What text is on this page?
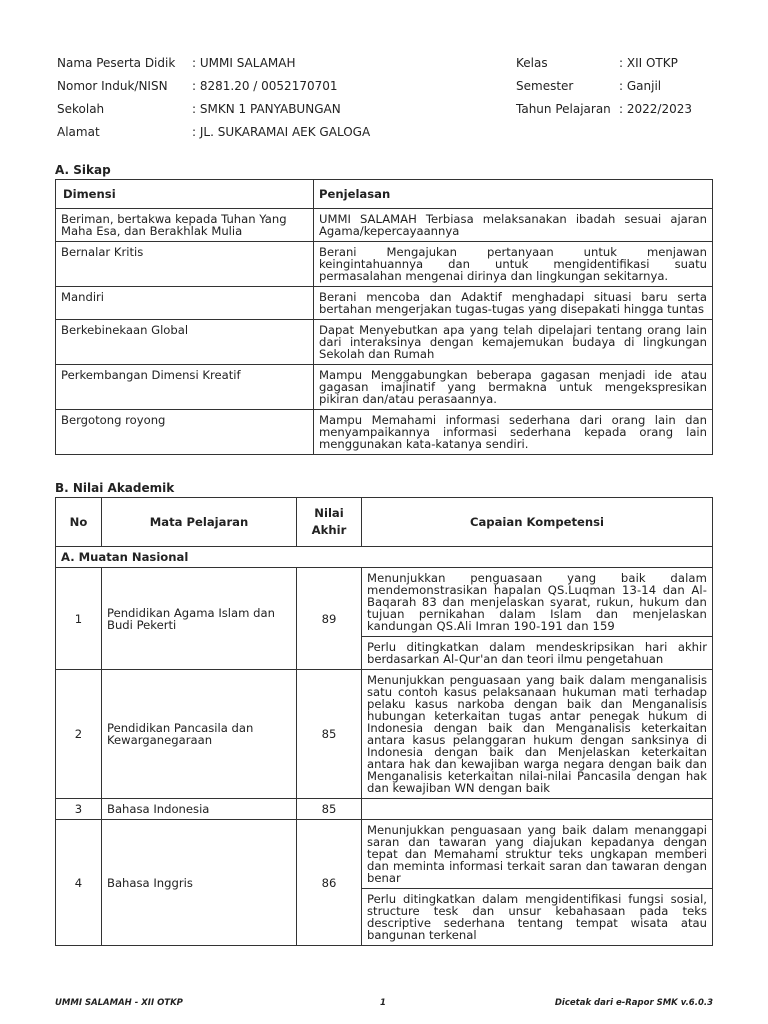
Nama Peserta Didik : UMMI SALAMAH	Kelas	: XII OTKP
Nomor Induk/NISN : 8281.20 / 0052170701	Semester	: Ganjil
Sekolah	: SMKN 1 PANYABUNGAN	Tahun Pelajaran : 2022/2023
Alamat	: JL. SUKARAMAI AEK GALOGA
A. Sikap
Dimensi	Penjelasan
Beriman, bertakwa kepada Tuhan Yang Maha Esa, dan Berakhlak Mulia	UMMI SALAMAH Terbiasa melaksanakan ibadah sesuai ajaran Agama/kepercayaannya
Bernalar Kritis	Berani Mengajukan pertanyaan untuk menjawan keingintahuannya dan untuk mengidentifikasi suatu permasalahan mengenai dirinya dan lingkungan sekitarnya.
Mandiri	Berani mencoba dan Adaktif menghadapi situasi baru serta bertahan mengerjakan tugas-tugas yang disepakati hingga tuntas
Berkebinekaan Global	Dapat Menyebutkan apa yang telah dipelajari tentang orang lain dari interaksinya dengan kemajemukan budaya di lingkungan Sekolah dan Rumah
Perkembangan Dimensi Kreatif	Mampu Menggabungkan beberapa gagasan menjadi ide atau gagasan imajinatif yang bermakna untuk mengekspresikan pikiran dan/atau perasaannya.
Bergotong royong	Mampu Memahami informasi sederhana dari orang lain dan menyampaikannya informasi sederhana kepada orang lain menggunakan kata-katanya sendiri.
B. Nilai Akademik
No	Mata Pelajaran	Nilai Akhir	Capaian Kompetensi
A. Muatan Nasional			
1	Pendidikan Agama Islam dan Budi Pekerti	89	Menunjukkan penguasaan yang baik dalam mendemonstrasikan hapalan QS.Luqman 13-14 dan Al-Baqarah 83 dan menjelaskan syarat, rukun, hukum dan tujuan pernikahan dalam Islam dan menjelaskan kandungan QS.Ali Imran 190-191 dan 159
			Perlu ditingkatkan dalam mendeskripsikan hari akhir berdasarkan Al-Qur'an dan teori ilmu pengetahuan
2	Pendidikan Pancasila dan Kewarganegaraan	85	Menunjukkan penguasaan yang baik dalam menganalisis satu contoh kasus pelaksanaan hukuman mati terhadap pelaku kasus narkoba dengan baik dan Menganalisis hubungan keterkaitan tugas antar penegak hukum di Indonesia dengan baik dan Menganalisis keterkaitan antara kasus pelanggaran hukum dengan sanksinya di Indonesia dengan baik dan Menjelaskan keterkaitan antara hak dan kewajiban warga negara dengan baik dan Menganalisis keterkaitan nilai-nilai Pancasila dengan hak dan kewajiban WN dengan baik
3	Bahasa Indonesia	85	
4	Bahasa Inggris	86	Menunjukkan penguasaan yang baik dalam menanggapi saran dan tawaran yang diajukan kepadanya dengan tepat dan Memahami struktur teks ungkapan memberi dan meminta informasi terkait saran dan tawaran dengan benar
			Perlu ditingkatkan dalam mengidentifikasi fungsi sosial, structure tesk dan unsur kebahasaan pada teks descriptive sederhana tentang tempat wisata atau bangunan terkenal
UMMI SALAMAH - XII OTKP	1	Dicetak dari e-Rapor SMK v.6.0.3
